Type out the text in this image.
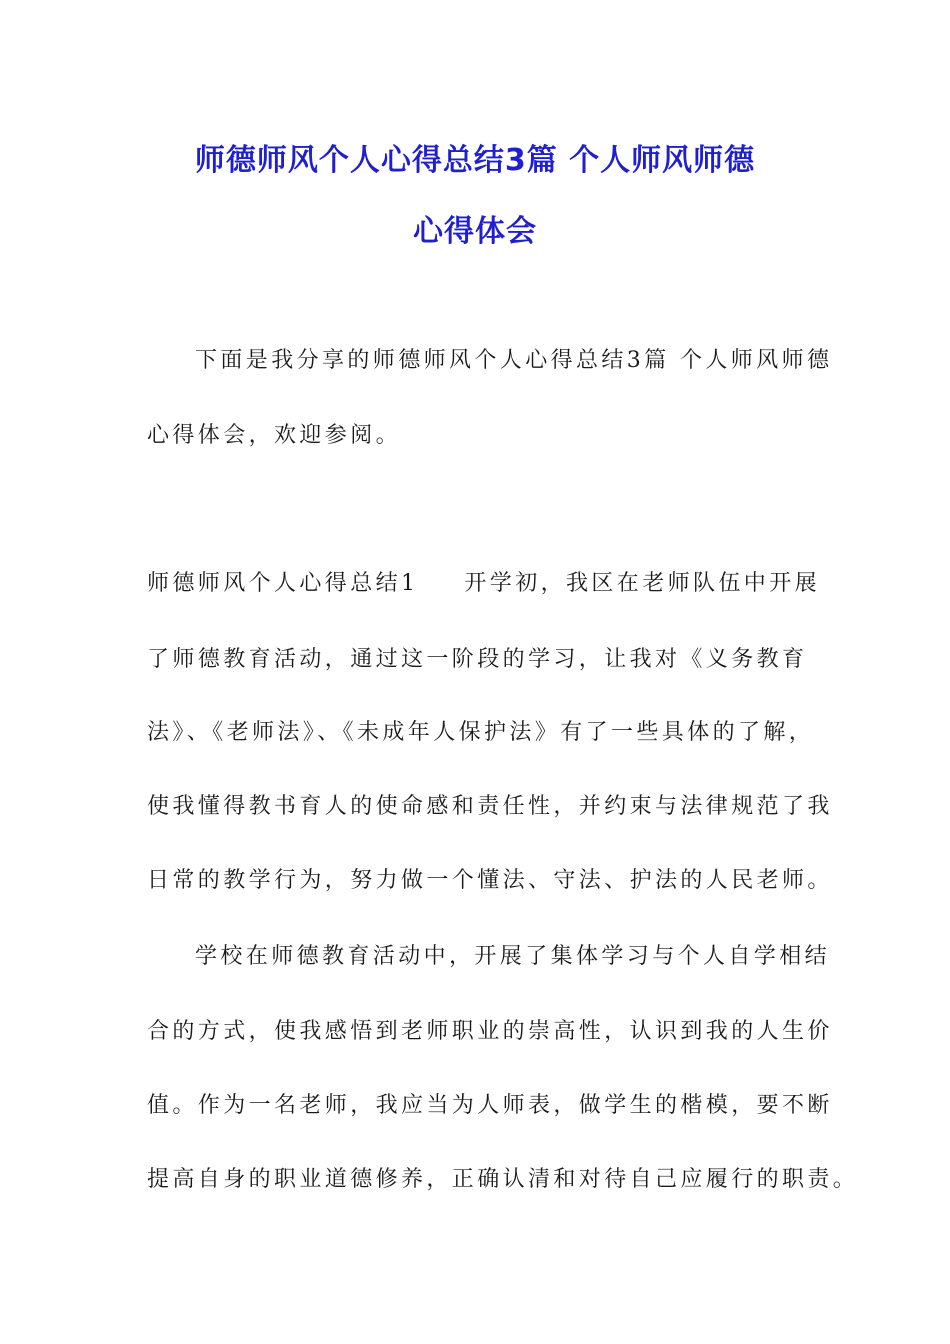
师德师风个人心得总结3篇 个人师风师德
心得体会
下面是我分享的师德师风个人心得总结3篇 个人师风师德
心得体会，欢迎参阅。
师德师风个人心得总结1 开学初，我区在老师队伍中开展
了师德教育活动，通过这一阶段的学习，让我对《义务教育
法》、《老师法》、《未成年人保护法》有了一些具体的了解，
使我懂得教书育人的使命感和责任性，并约束与法律规范了我
日常的教学行为，努力做一个懂法、守法、护法的人民老师。
学校在师德教育活动中，开展了集体学习与个人自学相结
合的方式，使我感悟到老师职业的崇高性，认识到我的人生价
值。作为一名老师，我应当为人师表，做学生的楷模，要不断
提高自身的职业道德修养，正确认清和对待自己应履行的职责。
